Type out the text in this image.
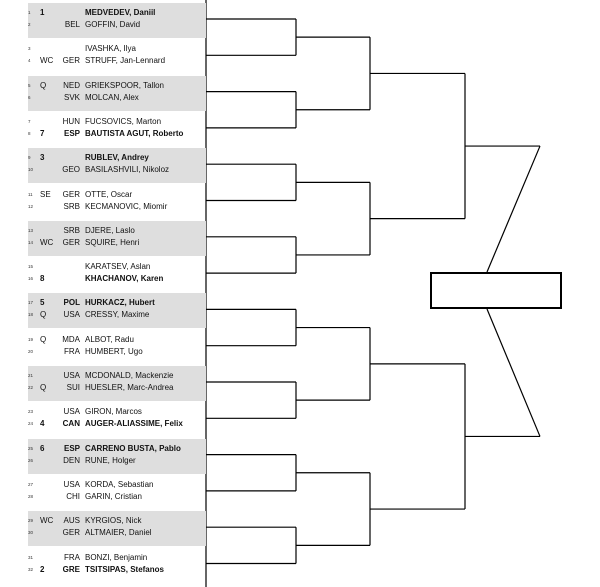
1	1	MEDVEDEV, Daniil
2	BEL GOFFIN, David
3	IVASHKA, Ilya
4	WC	GER STRUFF, Jan-Lennard
5	Q	NED GRIEKSPOOR, Tallon
6	SVK MOLCAN, Alex
7	HUN FUCSOVICS, Marton
8	7	ESP BAUTISTA AGUT, Roberto
9	3	RUBLEV, Andrey
10	GEO BASILASHVILI, Nikoloz
11 SE	GER OTTE, Oscar
12	SRB KECMANOVIC, Miomir
13	SRB DJERE, Laslo
14 WC	GER SQUIRE, Henri
15	KARATSEV, Aslan
16 8	KHACHANOV, Karen
17 5	POL HURKACZ, Hubert
18 Q	USA CRESSY, Maxime
19 Q	MDA ALBOT, Radu
20	FRA HUMBERT, Ugo
21	USA MCDONALD, Mackenzie
22 Q	SUI HUESLER, Marc-Andrea
23	USA GIRON, Marcos
24 4	CAN AUGER-ALIASSIME, Felix
25 6	ESP CARRENO BUSTA, Pablo
26	DEN RUNE, Holger
27	USA KORDA, Sebastian
28	CHI GARIN, Cristian
29 WC	AUS KYRGIOS, Nick
30	GER ALTMAIER, Daniel
31	FRA BONZI, Benjamin
32 2	GRE TSITSIPAS, Stefanos
